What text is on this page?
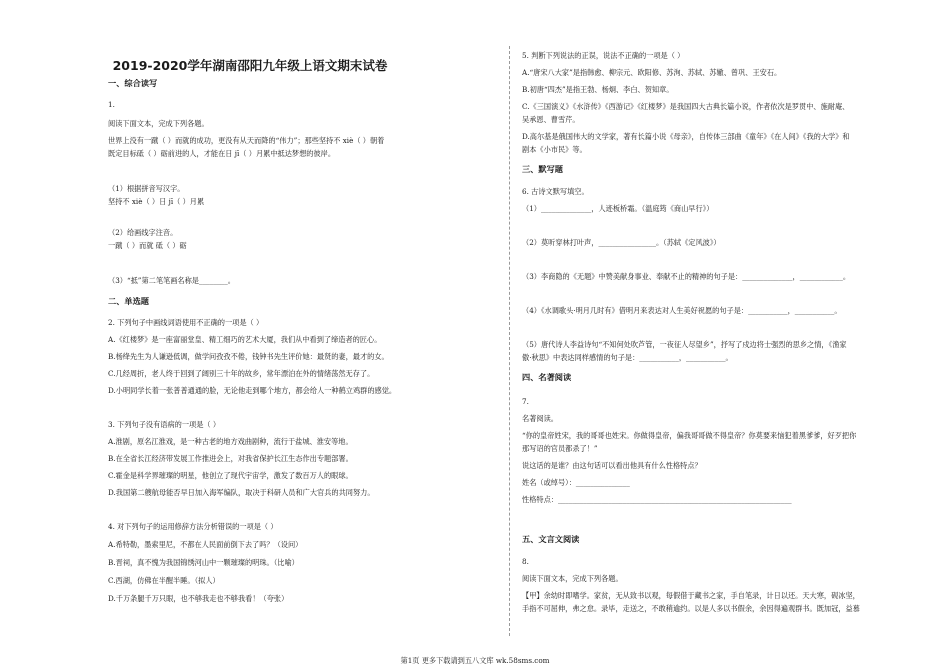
2019-2020学年湖南邵阳九年级上语文期末试卷
一、综合读写
1.
阅读下面文本，完成下列各题。
世界上没有一蹴（ ）而就的成功，更没有从天而降的“伟力”；那些坚持不 xiè（ ）朝着
既定目标砥（ ）砺前进的人，才能在日 jī（ ）月累中抵达梦想的彼岸。
（1）根据拼音写汉字。
坚持不 xiè（ ）日 jī（ ）月累
（2）给画线字注音。
一蹴（ ）而就 砥（ ）砺
（3）“抵”第二笔笔画名称是________。
二、单选题
2. 下列句子中画线词语使用不正确的一项是（ ）
A.《红楼梦》是一座富丽堂皇、精工细巧的艺术大厦，我们从中看到了缔造者的匠心。
B.杨绛先生为人谦逊低调，做学问孜孜不倦，钱钟书先生评价她：最贤的妻，最才的女。
C.几经周折，老人终于回到了阔别三十年的故乡，常年漂泊在外的情绪荡然无存了。
D.小明同学长着一张普普通通的脸，无论他走到哪个地方，都会给人一种鹤立鸡群的感觉。
3. 下列句子没有语病的一项是（ ）
A.淮剧，原名江淮戏，是一种古老的地方戏曲剧种，流行于盐城、淮安等地。
B.在全省长江经济带发展工作推进会上，对我省保护长江生态作出专题部署。
C.霍金是科学界璀璨的明星，他创立了现代宇宙学，激发了数百万人的眼球。
D.我国第二艘航母能否早日加入海军编队，取决于科研人员和广大官兵的共同努力。
4. 对下列句子的运用修辞方法分析错误的一项是（ ）
A.希特勒，墨索里尼，不都在人民面前倒下去了吗？（设问）
B.晋祠，真不愧为我国锦绣河山中一颗璀璨的明珠。（比喻）
C.西湖，仿佛在半醒半睡。（拟人）
D.千万条腿千万只眼，也不够我走也不够我看！（夸张）
5. 判断下列说法的正误，说法不正确的一项是（ ）
A.“唐宋八大家”是指韩愈、柳宗元、欧阳修、苏洵、苏轼、苏辙、曾巩、王安石。
B.初唐“四杰”是指王勃、杨炯、李白、贺知章。
C.《三国演义》《水浒传》《西游记》《红楼梦》是我国四大古典长篇小说，作者依次是罗贯中、施耐庵、
吴承恩、曹雪芹。
D.高尔基是俄国伟大的文学家，著有长篇小说《母亲》，自传体三部曲《童年》《在人间》《我的大学》和
剧本《小市民》等。
三、默写题
6. 古诗文默写填空。
（1）______________，人迹板桥霜。（温庭筠《商山早行》）
（2）莫听穿林打叶声，________________。（苏轼《定风波》）
（3）李商隐的《无题》中赞美献身事业、奉献不止的精神的句子是：______________，____________。
（4）《水调歌头·明月几时有》借明月来表达对人生美好祝愿的句子是：___________，___________。
（5）唐代诗人李益诗句“不知何处吹芦管，一夜征人尽望乡”，抒写了戍边将士强烈的思乡之情，《渔家
傲·秋思》中表达同样感情的句子是：___________，___________。
四、名著阅读
7.
名著阅读。
“你的皇帝姓宋，我的哥哥也姓宋。你做得皇帝，偏我哥哥做不得皇帝？你莫要来恼犯着黑爹爹，好歹把你
那写诏的官员都杀了！”
说这话的是谁？由这句话可以看出他具有什么性格特点？
姓名（或绰号）：_______________
性格特点：_________________________________________________________________
五、文言文阅读
8.
阅读下面文本，完成下列各题。
【甲】余幼时即嗜学。家贫，无从致书以观，每假借于藏书之家，手自笔录，计日以还。天大寒，砚冰坚，
手指不可屈伸，弗之怠。录毕，走送之，不敢稍逾约。以是人多以书假余，余因得遍观群书。既加冠，益慕
第1页 更多下载请到五八文库 wk.58sms.com
